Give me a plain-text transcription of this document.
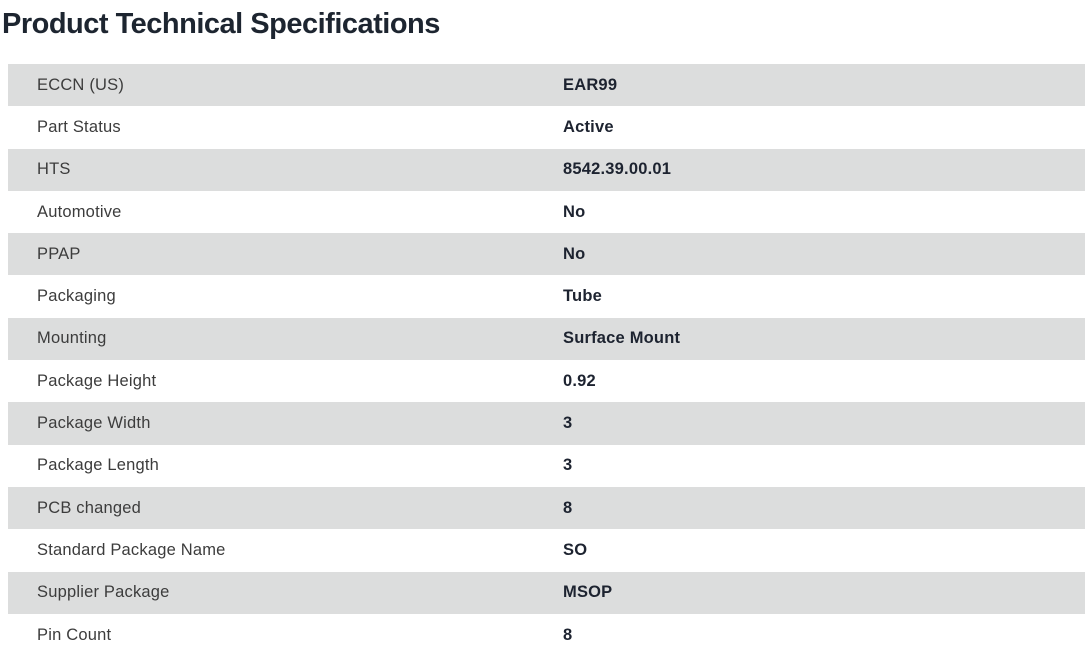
Product Technical Specifications
ECCN (US)	EAR99
Part Status	Active
HTS	8542.39.00.01
Automotive	No
PPAP	No
Packaging	Tube
Mounting	Surface Mount
Package Height	0.92
Package Width	3
Package Length	3
PCB changed	8
Standard Package Name	SO
Supplier Package	MSOP
Pin Count	8
